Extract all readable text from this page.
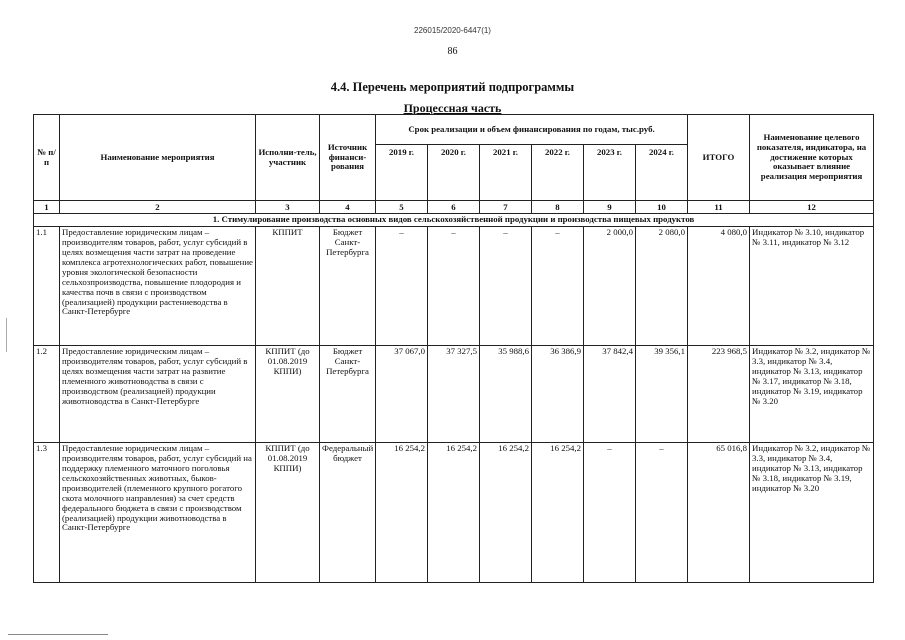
226015/2020-6447(1)
86
4.4. Перечень мероприятий подпрограммы
Процессная часть
№ п/п	Наименование мероприятия	Исполни-тель, участник	Источник финанси-рования	Срок реализации и объем финансирования по годам, тыс.руб.						ИТОГО	Наименование целевого показателя, индикатора, на достижение которых оказывает влияние реализация мероприятия
				2019 г.	2020 г.	2021 г.	2022 г.	2023 г.	2024 г.		
1	2	3	4	5	6	7	8	9	10	11	12
1. Стимулирование производства основных видов сельскохозяйственной продукции и производства пищевых продуктов											
1.1	Предоставление юридическим лицам – производителям товаров, работ, услуг субсидий в целях возмещения части затрат на проведение комплекса агротехнологических работ, повышение уровня экологической безопасности сельхозпроизводства, повышение плодородия и качества почв в связи с производством (реализацией) продукции растениеводства в Санкт-Петербурге	КППИТ	Бюджет Санкт-Петербурга	–	–	–	–	2 000,0	2 080,0	4 080,0	Индикатор № 3.10, индикатор № 3.11, индикатор № 3.12
1.2	Предоставление юридическим лицам – производителям товаров, работ, услуг субсидий в целях возмещения части затрат на развитие племенного животноводства в связи с производством (реализацией) продукции животноводства в Санкт-Петербурге	КППИТ (до 01.08.2019 КППИ)	Бюджет Санкт-Петербурга	37 067,0	37 327,5	35 988,6	36 386,9	37 842,4	39 356,1	223 968,5	Индикатор № 3.2, индикатор № 3.3, индикатор № 3.4, индикатор № 3.13, индикатор № 3.17, индикатор № 3.18, индикатор № 3.19, индикатор № 3.20
1.3	Предоставление юридическим лицам – производителям товаров, работ, услуг субсидий на поддержку племенного маточного поголовья сельскохозяйственных животных, быков-производителей (племенного крупного рогатого скота молочного направления) за счет средств федерального бюджета в связи с производством (реализацией) продукции животноводства в Санкт-Петербурге	КППИТ (до 01.08.2019 КППИ)	Федеральный бюджет	16 254,2	16 254,2	16 254,2	16 254,2	–	–	65 016,8	Индикатор № 3.2, индикатор № 3.3, индикатор № 3.4, индикатор № 3.13, индикатор № 3.18, индикатор № 3.19, индикатор № 3.20
